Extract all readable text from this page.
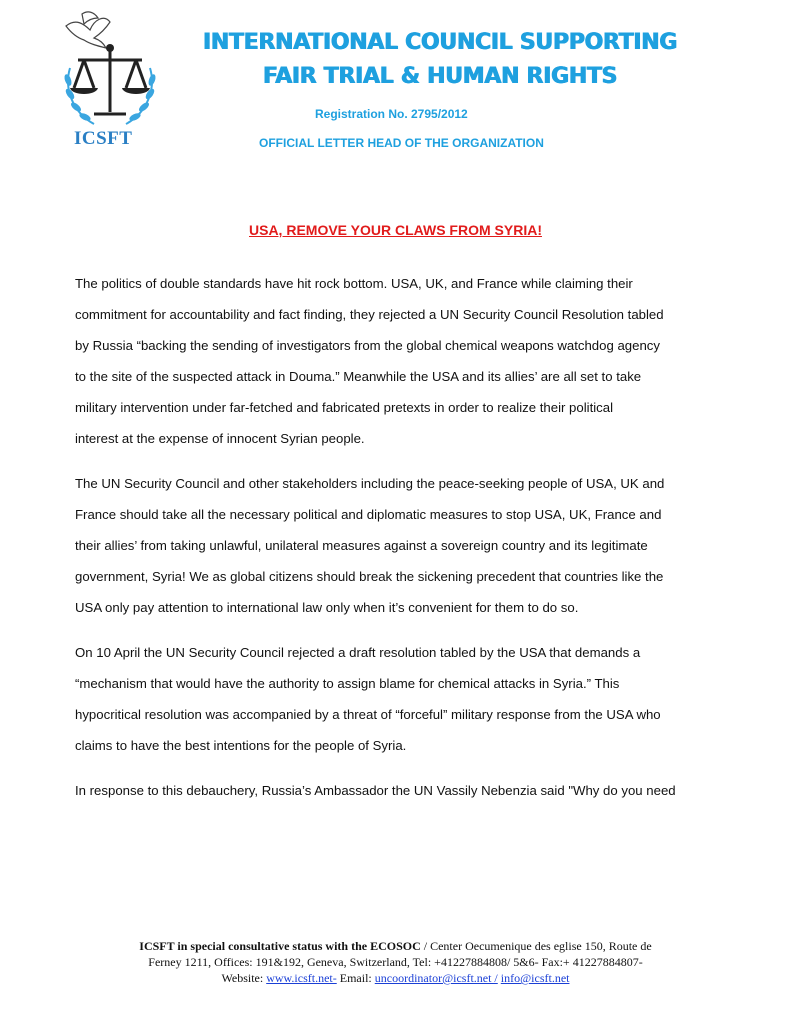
ICSFT
INTERNATIONAL COUNCIL SUPPORTING
FAIR TRIAL & HUMAN RIGHTS
Registration No. 2795/2012
OFFICIAL LETTER HEAD OF THE ORGANIZATION
USA, REMOVE YOUR CLAWS FROM SYRIA!
The politics of double standards have hit rock bottom. USA, UK, and France while claiming their
commitment for accountability and fact finding, they rejected a UN Security Council Resolution tabled
by Russia “backing the sending of investigators from the global chemical weapons watchdog agency
to the site of the suspected attack in Douma.” Meanwhile the USA and its allies’ are all set to take
military intervention under far-fetched and fabricated pretexts in order to realize their political
interest at the expense of innocent Syrian people.
The UN Security Council and other stakeholders including the peace-seeking people of USA, UK and
France should take all the necessary political and diplomatic measures to stop USA, UK, France and
their allies’ from taking unlawful, unilateral measures against a sovereign country and its legitimate
government, Syria! We as global citizens should break the sickening precedent that countries like the
USA only pay attention to international law only when it’s convenient for them to do so.
On 10 April the UN Security Council rejected a draft resolution tabled by the USA that demands a
“mechanism that would have the authority to assign blame for chemical attacks in Syria.” This
hypocritical resolution was accompanied by a threat of “forceful” military response from the USA who
claims to have the best intentions for the people of Syria.
In response to this debauchery, Russia’s Ambassador the UN Vassily Nebenzia said "Why do you need
ICSFT in special consultative status with the ECOSOC / Center Oecumenique des eglise 150, Route de
Ferney 1211, Offices: 191&192, Geneva, Switzerland, Tel: +41227884808/ 5&6- Fax:+ 41227884807-
Website: www.icsft.net- Email: uncoordinator@icsft.net / info@icsft.net
